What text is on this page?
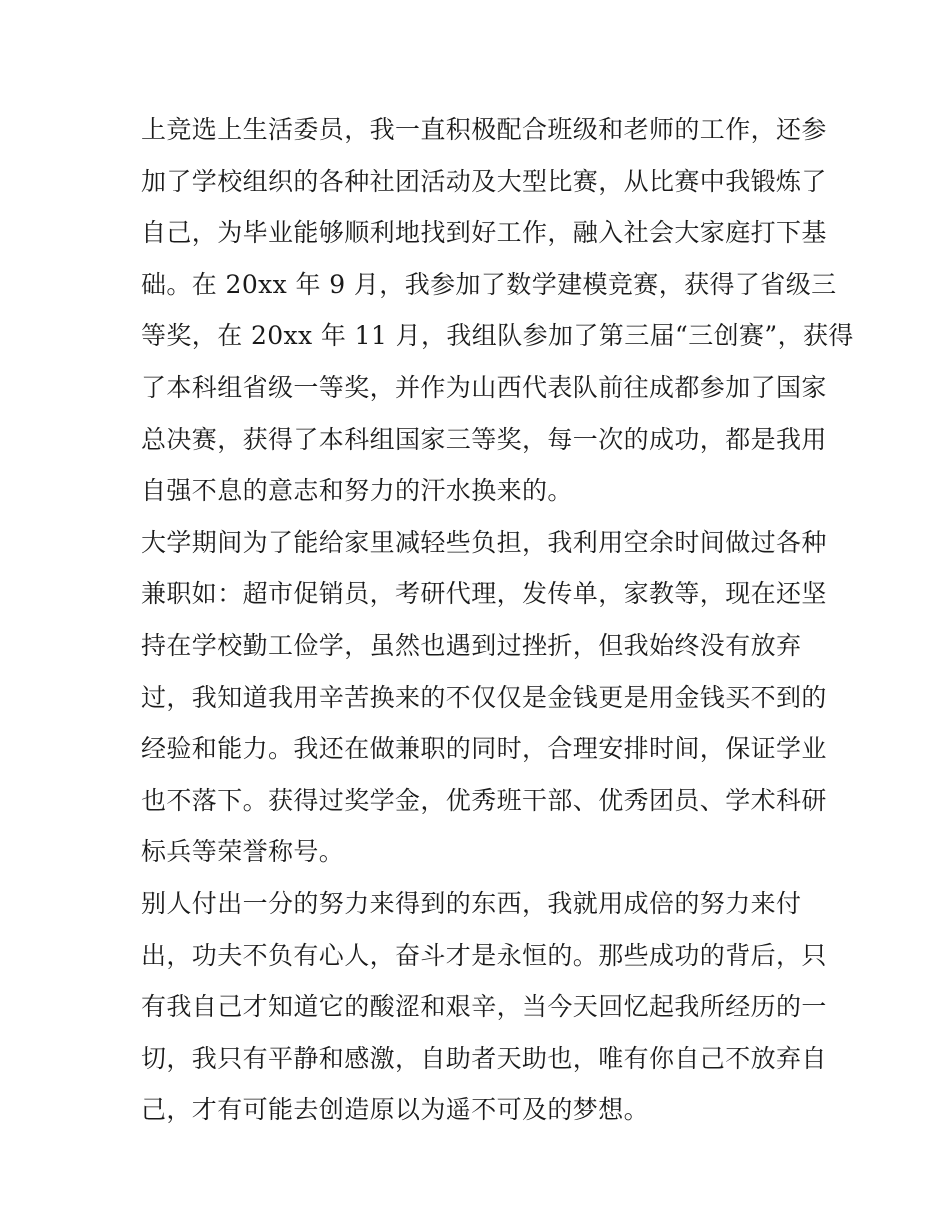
上竞选上生活委员，我一直积极配合班级和老师的工作，还参
加了学校组织的各种社团活动及大型比赛，从比赛中我锻炼了
自己，为毕业能够顺利地找到好工作，融入社会大家庭打下基
础。在 20xx 年 9 月，我参加了数学建模竞赛，获得了省级三
等奖，在 20xx 年 11 月，我组队参加了第三届“三创赛”，获得
了本科组省级一等奖，并作为山西代表队前往成都参加了国家
总决赛，获得了本科组国家三等奖，每一次的成功，都是我用
自强不息的意志和努力的汗水换来的。
大学期间为了能给家里减轻些负担，我利用空余时间做过各种
兼职如：超市促销员，考研代理，发传单，家教等，现在还坚
持在学校勤工俭学，虽然也遇到过挫折，但我始终没有放弃
过，我知道我用辛苦换来的不仅仅是金钱更是用金钱买不到的
经验和能力。我还在做兼职的同时，合理安排时间，保证学业
也不落下。获得过奖学金，优秀班干部、优秀团员、学术科研
标兵等荣誉称号。
别人付出一分的努力来得到的东西，我就用成倍的努力来付
出，功夫不负有心人，奋斗才是永恒的。那些成功的背后，只
有我自己才知道它的酸涩和艰辛，当今天回忆起我所经历的一
切，我只有平静和感激，自助者天助也，唯有你自己不放弃自
己，才有可能去创造原以为遥不可及的梦想。
